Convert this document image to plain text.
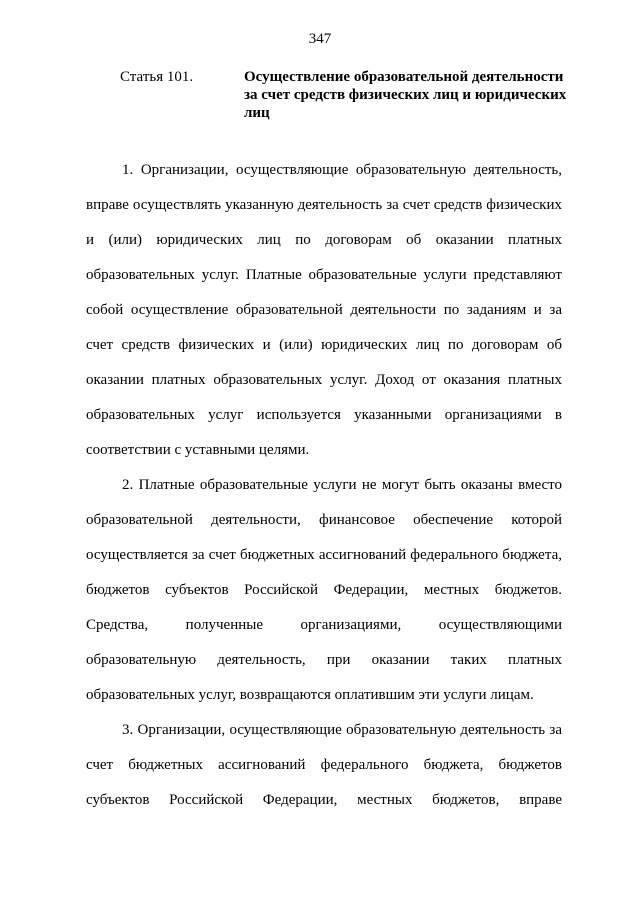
347
Статья 101.	Осуществление образовательной деятельности за счет средств физических лиц и юридических лиц

1. Организации, осуществляющие образовательную деятельность, вправе осуществлять указанную деятельность за счет средств физических и (или) юридических лиц по договорам об оказании платных образовательных услуг. Платные образовательные услуги представляют собой осуществление образовательной деятельности по заданиям и за счет средств физических и (или) юридических лиц по договорам об оказании платных образовательных услуг. Доход от оказания платных образовательных услуг используется указанными организациями в соответствии с уставными целями.

2. Платные образовательные услуги не могут быть оказаны вместо образовательной деятельности, финансовое обеспечение которой осуществляется за счет бюджетных ассигнований федерального бюджета, бюджетов субъектов Российской Федерации, местных бюджетов. Средства, полученные организациями, осуществляющими образовательную деятельность, при оказании таких платных образовательных услуг, возвращаются оплатившим эти услуги лицам.

3. Организации, осуществляющие образовательную деятельность за счет бюджетных ассигнований федерального бюджета, бюджетов субъектов Российской Федерации, местных бюджетов, вправе
